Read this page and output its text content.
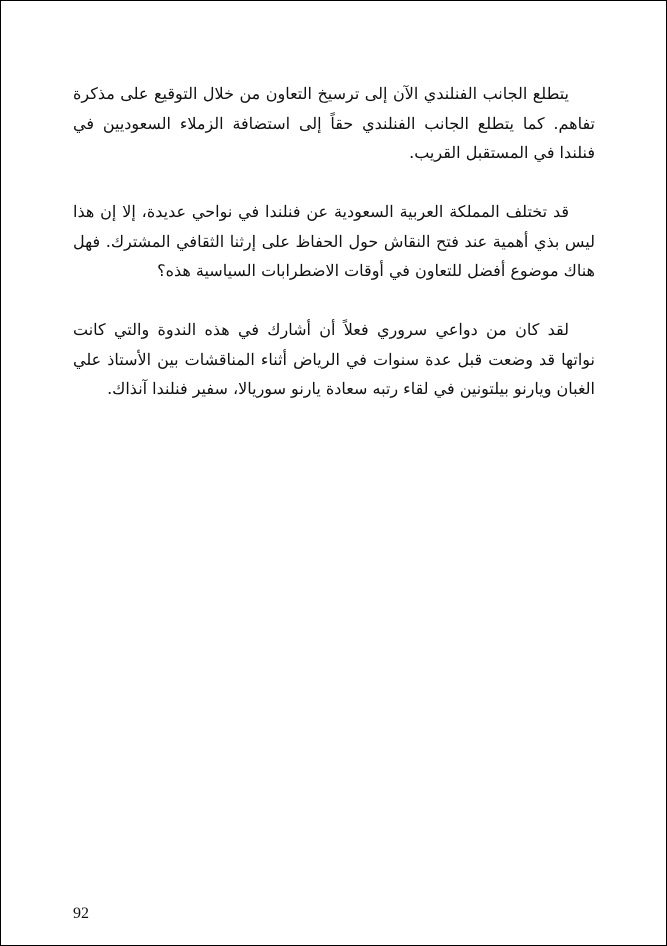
يتطلع الجانب الفنلندي الآن إلى ترسيخ التعاون من خلال التوقيع على مذكرة تفاهم. كما يتطلع الجانب الفنلندي حقاً إلى استضافة الزملاء السعوديين في فنلندا في المستقبل القريب.

قد تختلف المملكة العربية السعودية عن فنلندا في نواحي عديدة، إلا إن هذا ليس بذي أهمية عند فتح النقاش حول الحفاظ على إرثنا الثقافي المشترك. فهل هناك موضوع أفضل للتعاون في أوقات الاضطرابات السياسية هذه؟

لقد كان من دواعي سروري فعلاً أن أشارك في هذه الندوة والتي كانت نواتها قد وضعت قبل عدة سنوات في الرياض أثناء المناقشات بين الأستاذ علي الغبان ويارنو بيلتونين في لقاء رتبه سعادة يارنو سوريالا، سفير فنلندا آنذاك.

92
